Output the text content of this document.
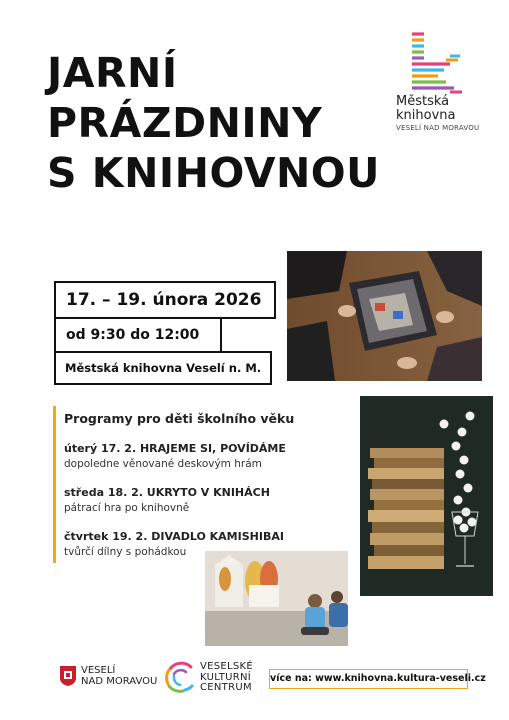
JARNÍ
PRÁZDNINY
S KNIHOVNOU
Městská
knihovna
VESELÍ NAD MORAVOU
17. – 19. února 2026
od 9:30 do 12:00
Městská knihovna Veselí n. M.
Programy pro děti školního věku
úterý 17. 2. HRAJEME SI, POVÍDÁME
dopoledne věnované deskovým hrám
středa 18. 2. UKRYTO V KNIHÁCH
pátrací hra po knihovně
čtvrtek 19. 2. DIVADLO KAMISHIBAI
tvůrčí dílny s pohádkou
VESELÍ
NAD MORAVOU
VESELSKÉ
KULTURNÍ
CENTRUM
více na: www.knihovna.kultura-veseli.cz
